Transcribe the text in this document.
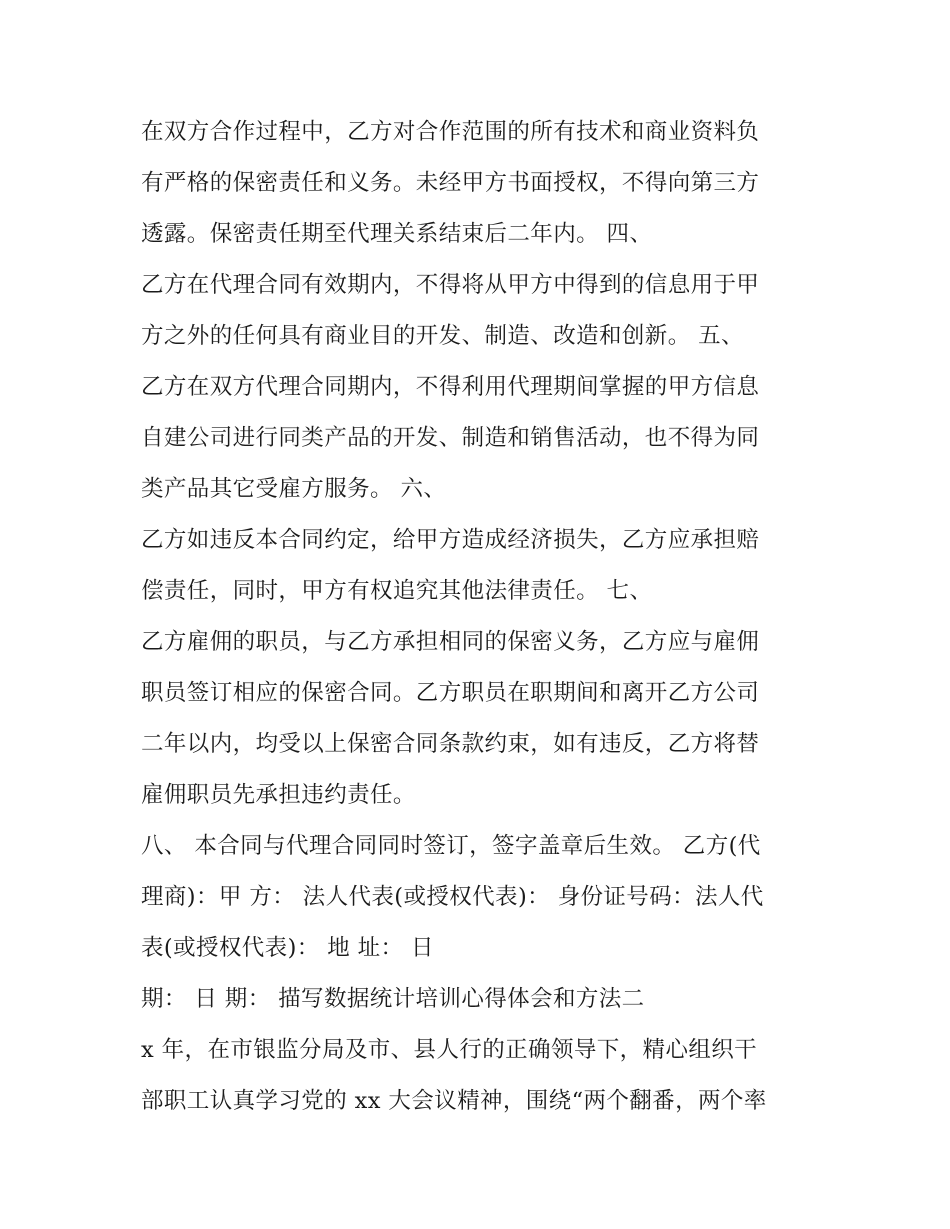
在双方合作过程中，乙方对合作范围的所有技术和商业资料负
有严格的保密责任和义务。未经甲方书面授权，不得向第三方
透露。保密责任期至代理关系结束后二年内。 四、
乙方在代理合同有效期内，不得将从甲方中得到的信息用于甲
方之外的任何具有商业目的开发、制造、改造和创新。 五、
乙方在双方代理合同期内，不得利用代理期间掌握的甲方信息
自建公司进行同类产品的开发、制造和销售活动，也不得为同
类产品其它受雇方服务。 六、
乙方如违反本合同约定，给甲方造成经济损失，乙方应承担赔
偿责任，同时，甲方有权追究其他法律责任。 七、
乙方雇佣的职员，与乙方承担相同的保密义务，乙方应与雇佣
职员签订相应的保密合同。乙方职员在职期间和离开乙方公司
二年以内，均受以上保密合同条款约束，如有违反，乙方将替
雇佣职员先承担违约责任。
八、 本合同与代理合同同时签订，签字盖章后生效。 乙方(代
理商)：甲 方： 法人代表(或授权代表)： 身份证号码：法人代
表(或授权代表)： 地 址： 日
期： 日 期： 描写数据统计培训心得体会和方法二
x 年，在市银监分局及市、县人行的正确领导下，精心组织干
部职工认真学习党的 xx 大会议精神，围绕“两个翻番，两个率
